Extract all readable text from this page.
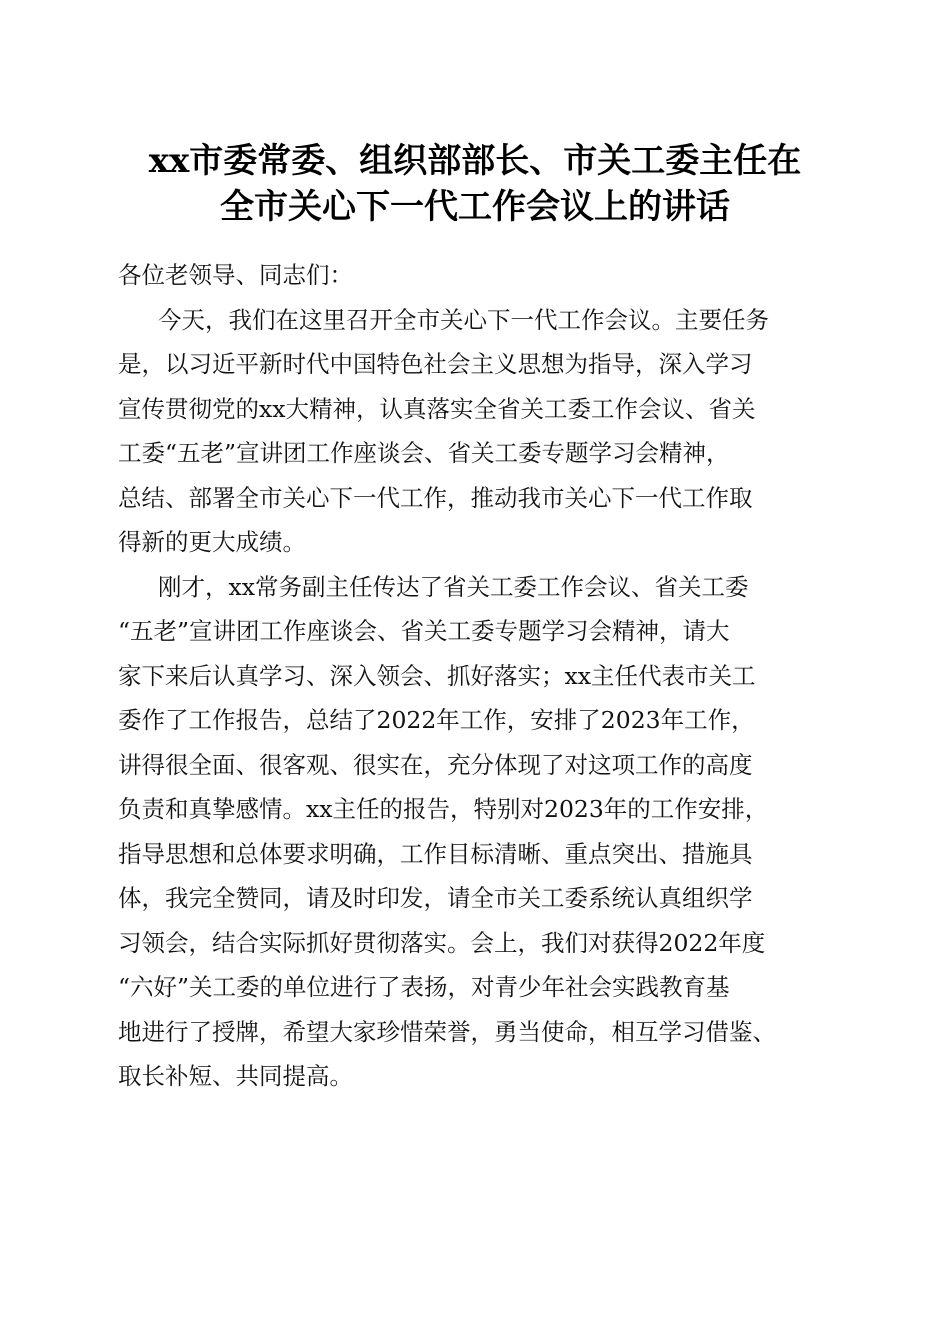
xx市委常委、组织部部长、市关工委主任在
全市关心下一代工作会议上的讲话
各位老领导、同志们：
今天，我们在这里召开全市关心下一代工作会议。主要任务
是，以习近平新时代中国特色社会主义思想为指导，深入学习
宣传贯彻党的xx大精神，认真落实全省关工委工作会议、省关
工委“五老”宣讲团工作座谈会、省关工委专题学习会精神，
总结、部署全市关心下一代工作，推动我市关心下一代工作取
得新的更大成绩。
刚才，xx常务副主任传达了省关工委工作会议、省关工委
“五老”宣讲团工作座谈会、省关工委专题学习会精神，请大
家下来后认真学习、深入领会、抓好落实；xx主任代表市关工
委作了工作报告，总结了2022年工作，安排了2023年工作，
讲得很全面、很客观、很实在，充分体现了对这项工作的高度
负责和真挚感情。xx主任的报告，特别对2023年的工作安排，
指导思想和总体要求明确，工作目标清晰、重点突出、措施具
体，我完全赞同，请及时印发，请全市关工委系统认真组织学
习领会，结合实际抓好贯彻落实。会上，我们对获得2022年度
“六好”关工委的单位进行了表扬，对青少年社会实践教育基
地进行了授牌，希望大家珍惜荣誉，勇当使命，相互学习借鉴、
取长补短、共同提高。
